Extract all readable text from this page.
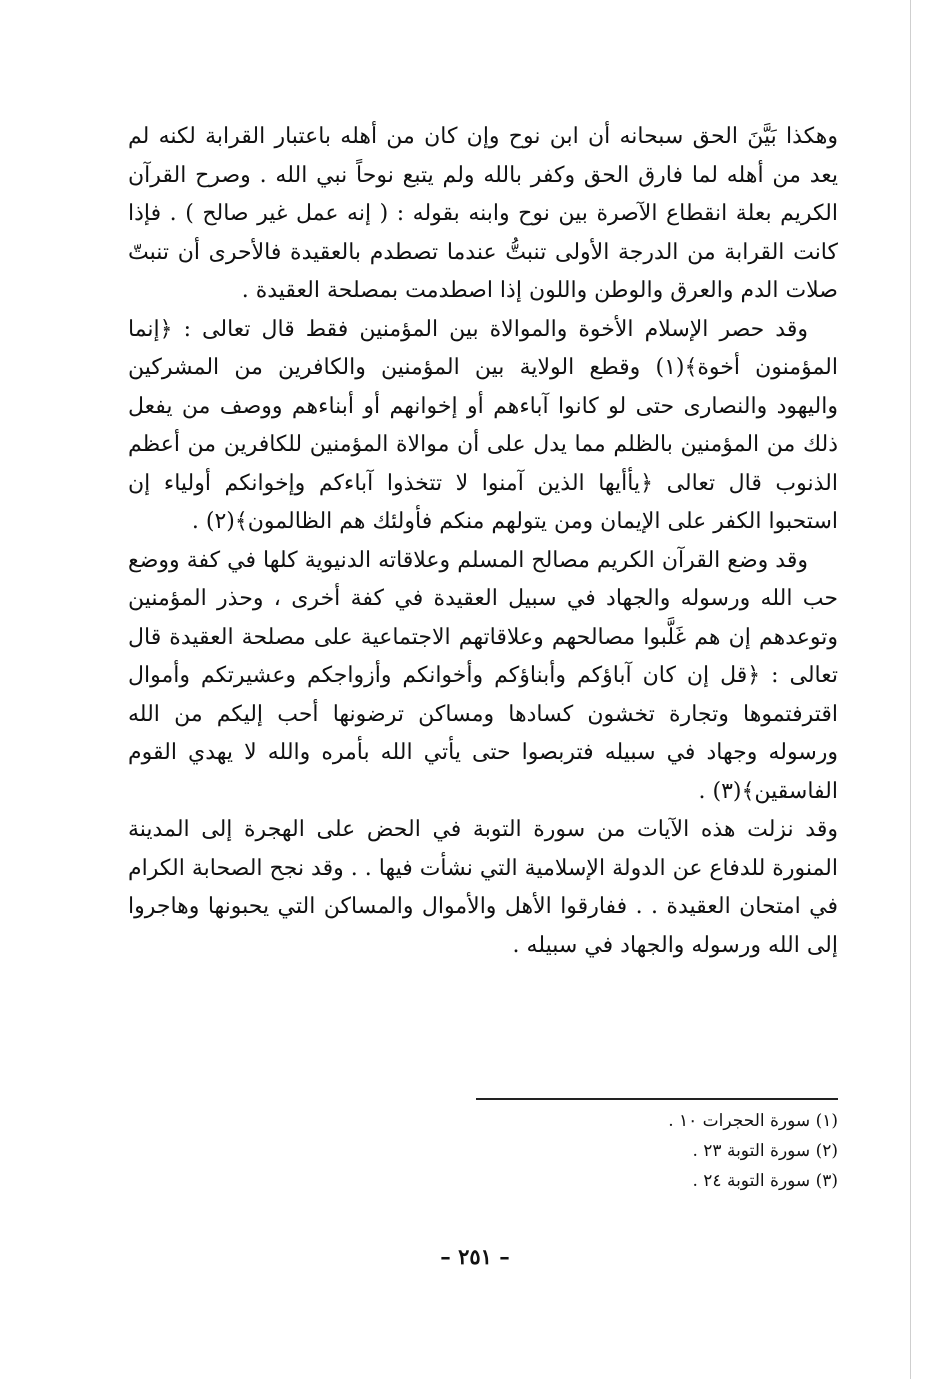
وهكذا بَيَّنَ الحق سبحانه أن ابن نوح وإن كان من أهله باعتبار القرابة لكنه لم يعد من أهله لما فارق الحق وكفر بالله ولم يتبع نوحاً نبي الله . وصرح القرآن الكريم بعلة انقطاع الآصرة بين نوح وابنه بقوله : ( إنه عمل غير صالح ) . فإذا كانت القرابة من الدرجة الأولى تنبتُّ عندما تصطدم بالعقيدة فالأحرى أن تنبتّ صلات الدم والعرق والوطن واللون إذا اصطدمت بمصلحة العقيدة .

وقد حصر الإسلام الأخوة والموالاة بين المؤمنين فقط قال تعالى : ﴿إنما المؤمنون أخوة﴾(١) وقطع الولاية بين المؤمنين والكافرين من المشركين واليهود والنصارى حتى لو كانوا آباءهم أو إخوانهم أو أبناءهم ووصف من يفعل ذلك من المؤمنين بالظلم مما يدل على أن موالاة المؤمنين للكافرين من أعظم الذنوب قال تعالى ﴿يأأيها الذين آمنوا لا تتخذوا آباءكم وإخوانكم أولياء إن استحبوا الكفر على الإيمان ومن يتولهم منكم فأولئك هم الظالمون﴾(٢) .

وقد وضع القرآن الكريم مصالح المسلم وعلاقاته الدنيوية كلها في كفة ووضع حب الله ورسوله والجهاد في سبيل العقيدة في كفة أخرى ، وحذر المؤمنين وتوعدهم إن هم غَلَّبوا مصالحهم وعلاقاتهم الاجتماعية على مصلحة العقيدة قال تعالى : ﴿قل إن كان آباؤكم وأبناؤكم وأخوانكم وأزواجكم وعشيرتكم وأموال اقترفتموها وتجارة تخشون كسادها ومساكن ترضونها أحب إليكم من الله ورسوله وجهاد في سبيله فتربصوا حتى يأتي الله بأمره والله لا يهدي القوم الفاسقين﴾(٣) .

وقد نزلت هذه الآيات من سورة التوبة في الحض على الهجرة إلى المدينة المنورة للدفاع عن الدولة الإسلامية التي نشأت فيها . . وقد نجح الصحابة الكرام في امتحان العقيدة . . ففارقوا الأهل والأموال والمساكن التي يحبونها وهاجروا إلى الله ورسوله والجهاد في سبيله .

(١) سورة الحجرات ١٠ .
(٢) سورة التوبة ٢٣ .
(٣) سورة التوبة ٢٤ .
– ٢٥١ –
